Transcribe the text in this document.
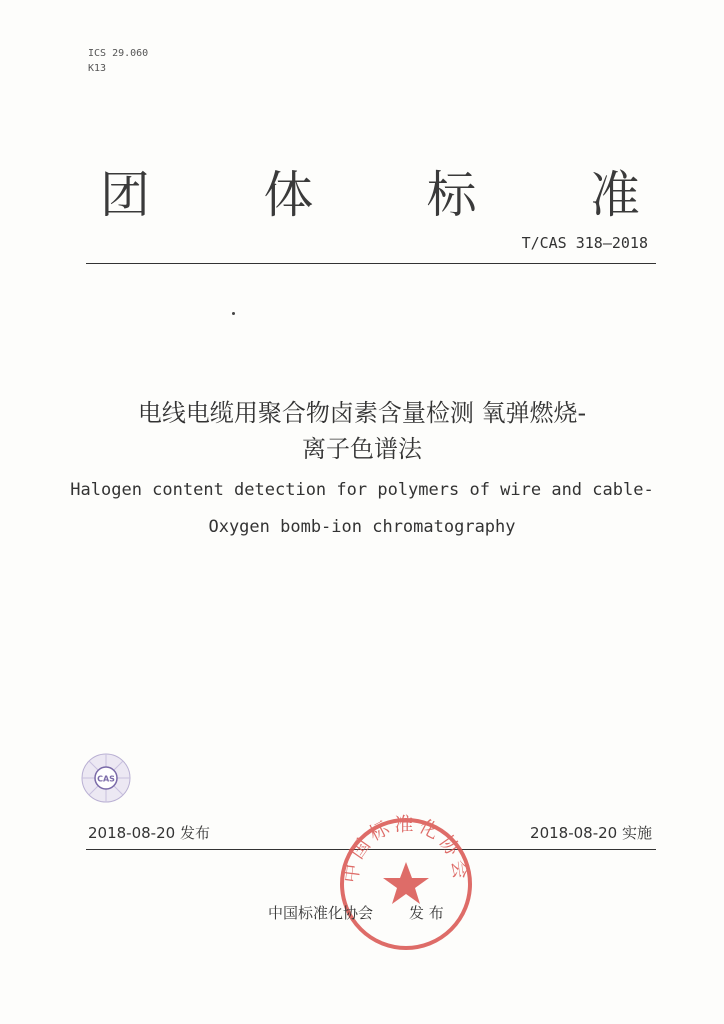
ICS 29.060
K13
团	体	标	准
T/CAS 318—2018
电线电缆用聚合物卤素含量检测 氧弹燃烧-
离子色谱法
Halogen content detection for polymers of wire and cable-
Oxygen bomb-ion chromatography
CAS
2018-08-20 发布	2018-08-20 实施
中国标准化协会
中国标准化协会 发 布
